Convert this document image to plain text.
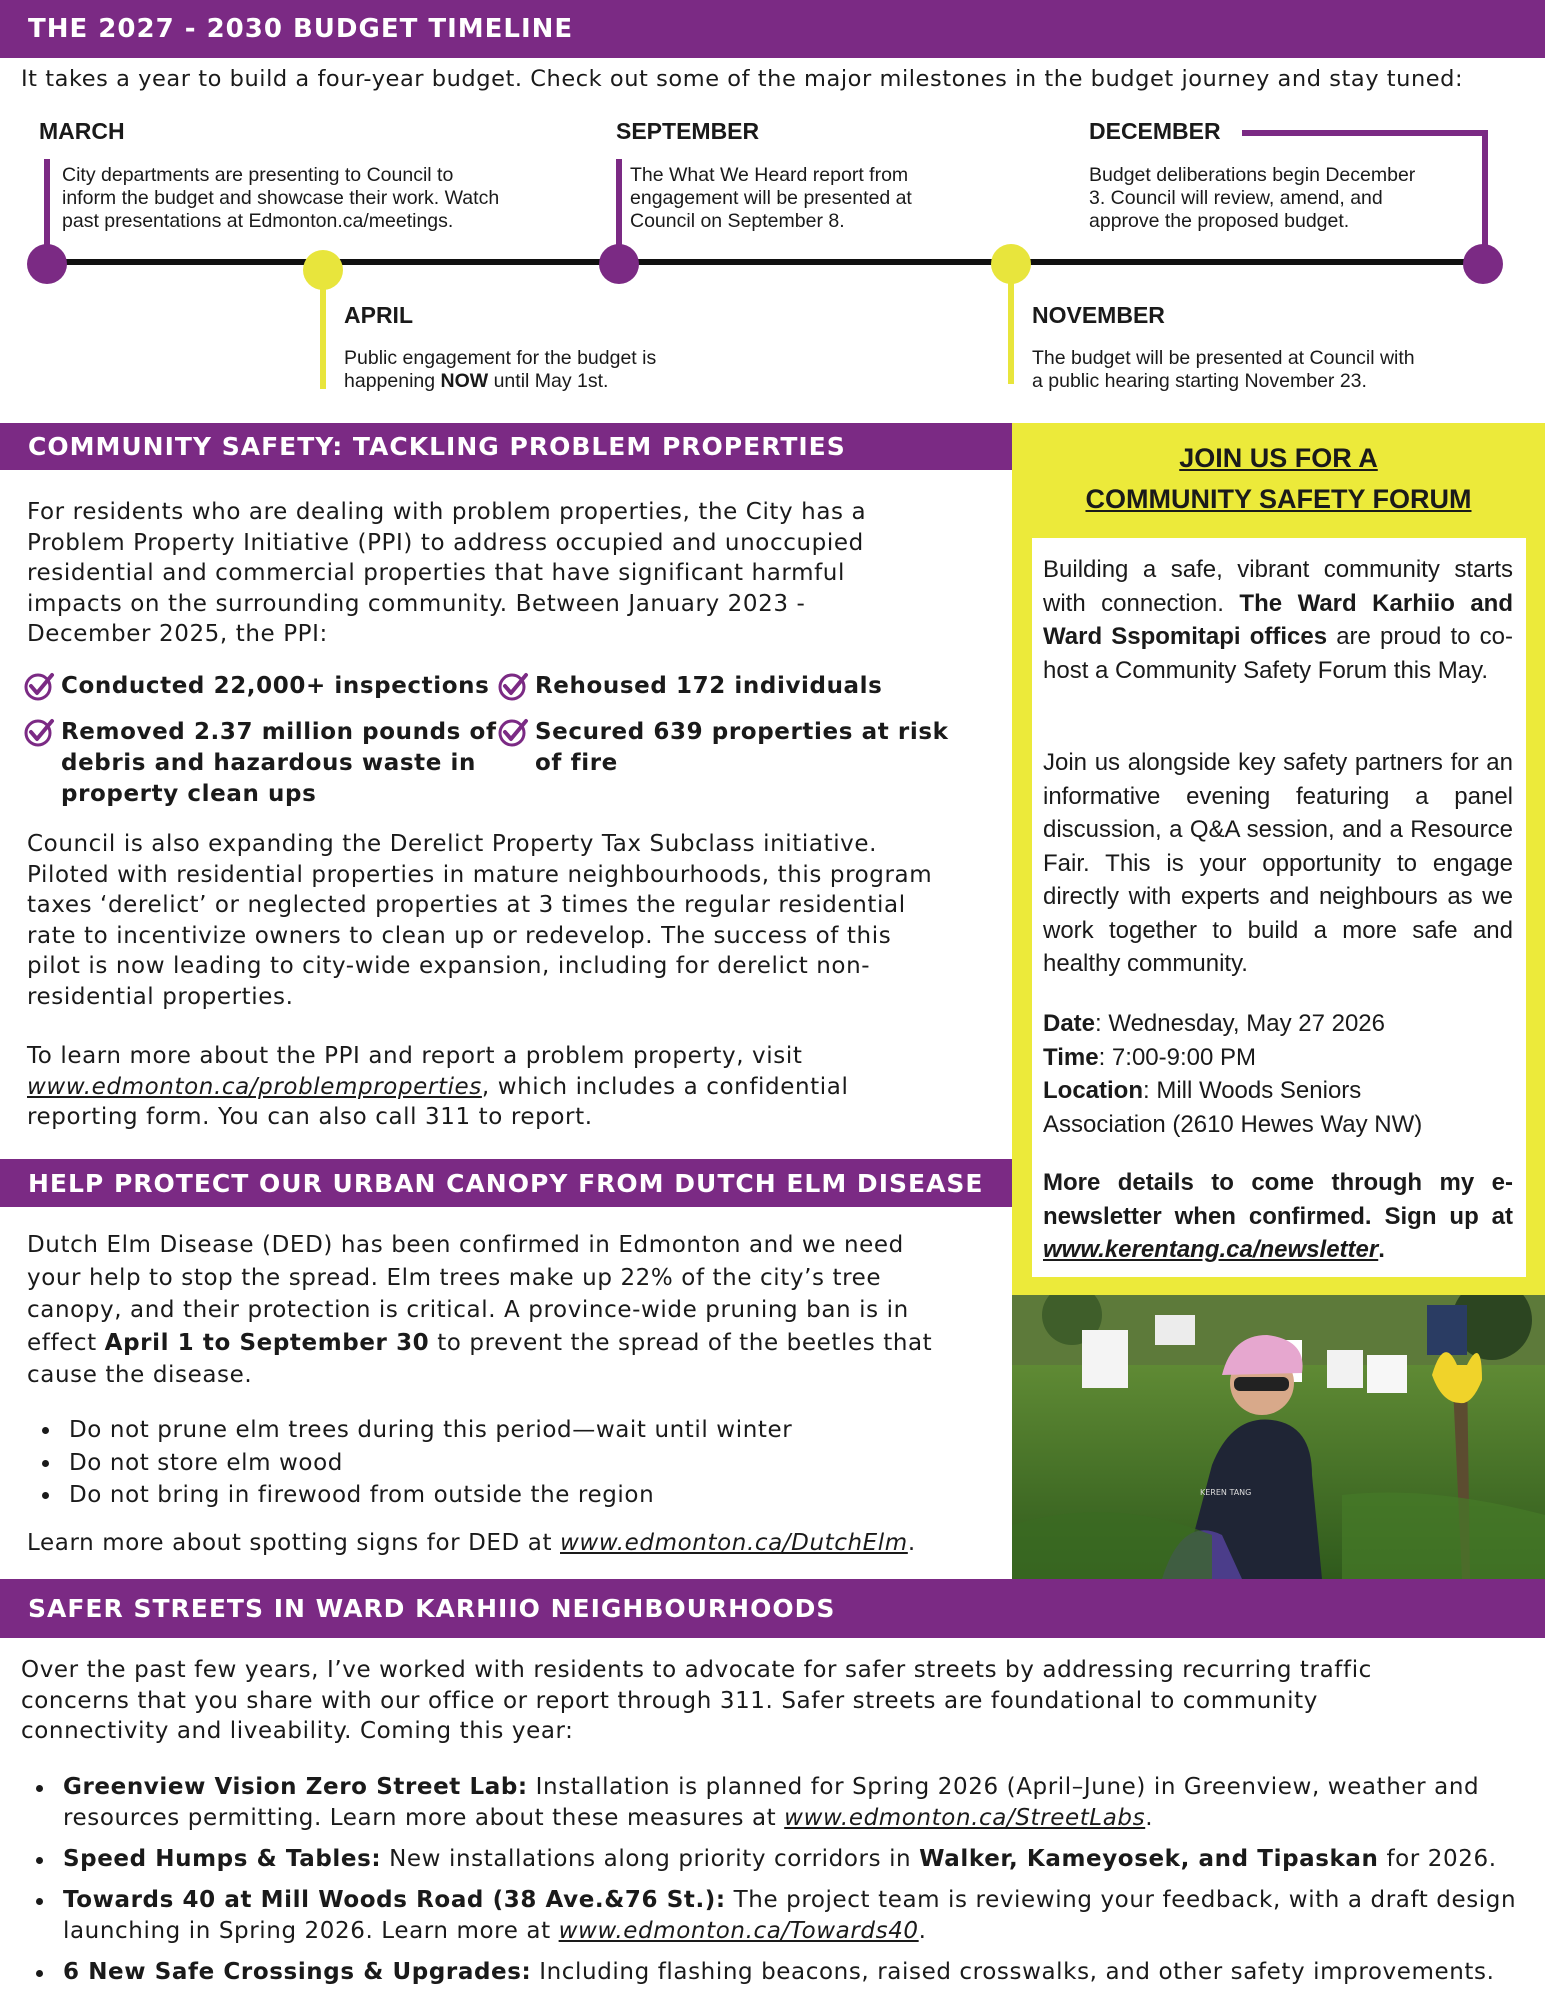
THE 2027 - 2030 BUDGET TIMELINE
It takes a year to build a four-year budget. Check out some of the major milestones in the budget journey and stay tuned:
MARCH
City departments are presenting to Council to
inform the budget and showcase their work. Watch
past presentations at Edmonton.ca/meetings.
APRIL
Public engagement for the budget is
happening NOW until May 1st.
SEPTEMBER
The What We Heard report from
engagement will be presented at
Council on September 8.
NOVEMBER
The budget will be presented at Council with
a public hearing starting November 23.
DECEMBER
Budget deliberations begin December
3. Council will review, amend, and
approve the proposed budget.
COMMUNITY SAFETY: TACKLING PROBLEM PROPERTIES
For residents who are dealing with problem properties, the City has a
Problem Property Initiative (PPI) to address occupied and unoccupied
residential and commercial properties that have significant harmful
impacts on the surrounding community. Between January 2023 -
December 2025, the PPI:
Conducted 22,000+ inspections Rehoused 172 individuals
Removed 2.37 million pounds of
debris and hazardous waste in
property clean ups
Secured 639 properties at risk
of fire
Council is also expanding the Derelict Property Tax Subclass initiative.
Piloted with residential properties in mature neighbourhoods, this program
taxes ‘derelict’ or neglected properties at 3 times the regular residential
rate to incentivize owners to clean up or redevelop. The success of this
pilot is now leading to city-wide expansion, including for derelict non-
residential properties.
To learn more about the PPI and report a problem property, visit
www.edmonton.ca/problemproperties, which includes a confidential
reporting form. You can also call 311 to report.
JOIN US FOR A
COMMUNITY SAFETY FORUM
Building a safe, vibrant community starts with connection. The Ward Karhiio and Ward Sspomitapi offices are proud to co-host a Community Safety Forum this May.
Join us alongside key safety partners for an informative evening featuring a panel discussion, a Q&A session, and a Resource Fair. This is your opportunity to engage directly with experts and neighbours as we work together to build a more safe and healthy community.
Date: Wednesday, May 27 2026
Time: 7:00-9:00 PM
Location: Mill Woods Seniors
Association (2610 Hewes Way NW)
More details to come through my e-newsletter when confirmed. Sign up at www.kerentang.ca/newsletter.
KEREN TANG
HELP PROTECT OUR URBAN CANOPY FROM DUTCH ELM DISEASE
Dutch Elm Disease (DED) has been confirmed in Edmonton and we need
your help to stop the spread. Elm trees make up 22% of the city’s tree
canopy, and their protection is critical. A province-wide pruning ban is in
effect April 1 to September 30 to prevent the spread of the beetles that
cause the disease.
Do not prune elm trees during this period—wait until winter
Do not store elm wood
Do not bring in firewood from outside the region
Learn more about spotting signs for DED at www.edmonton.ca/DutchElm.
SAFER STREETS IN WARD KARHIIO NEIGHBOURHOODS
Over the past few years, I’ve worked with residents to advocate for safer streets by addressing recurring traffic
concerns that you share with our office or report through 311. Safer streets are foundational to community
connectivity and liveability. Coming this year:
Greenview Vision Zero Street Lab: Installation is planned for Spring 2026 (April–June) in Greenview, weather and
resources permitting. Learn more about these measures at www.edmonton.ca/StreetLabs.
Speed Humps & Tables: New installations along priority corridors in Walker, Kameyosek, and Tipaskan for 2026.
Towards 40 at Mill Woods Road (38 Ave.&76 St.): The project team is reviewing your feedback, with a draft design
launching in Spring 2026. Learn more at www.edmonton.ca/Towards40.
6 New Safe Crossings & Upgrades: Including flashing beacons, raised crosswalks, and other safety improvements.
